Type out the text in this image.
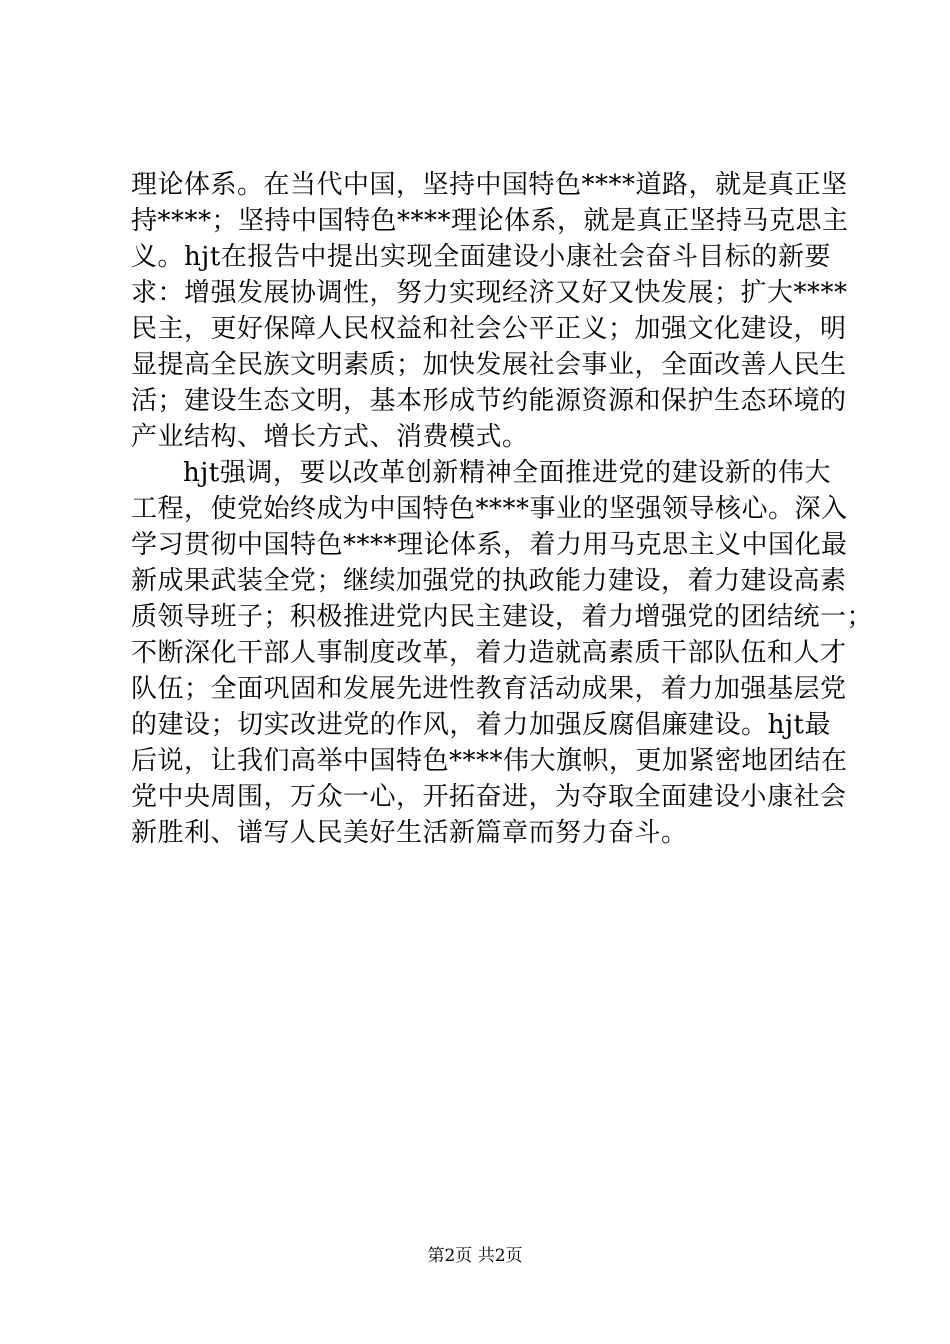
理论体系。在当代中国，坚持中国特色****道路，就是真正坚
持****；坚持中国特色****理论体系，就是真正坚持马克思主
义。hjt在报告中提出实现全面建设小康社会奋斗目标的新要
求：增强发展协调性，努力实现经济又好又快发展；扩大****
民主，更好保障人民权益和社会公平正义；加强文化建设，明
显提高全民族文明素质；加快发展社会事业，全面改善人民生
活；建设生态文明，基本形成节约能源资源和保护生态环境的
产业结构、增长方式、消费模式。
hjt强调，要以改革创新精神全面推进党的建设新的伟大
工程，使党始终成为中国特色****事业的坚强领导核心。深入
学习贯彻中国特色****理论体系，着力用马克思主义中国化最
新成果武装全党；继续加强党的执政能力建设，着力建设高素
质领导班子；积极推进党内民主建设，着力增强党的团结统一；
不断深化干部人事制度改革，着力造就高素质干部队伍和人才
队伍；全面巩固和发展先进性教育活动成果，着力加强基层党
的建设；切实改进党的作风，着力加强反腐倡廉建设。hjt最
后说，让我们高举中国特色****伟大旗帜，更加紧密地团结在
党中央周围，万众一心，开拓奋进，为夺取全面建设小康社会
新胜利、谱写人民美好生活新篇章而努力奋斗。
第2页 共2页
